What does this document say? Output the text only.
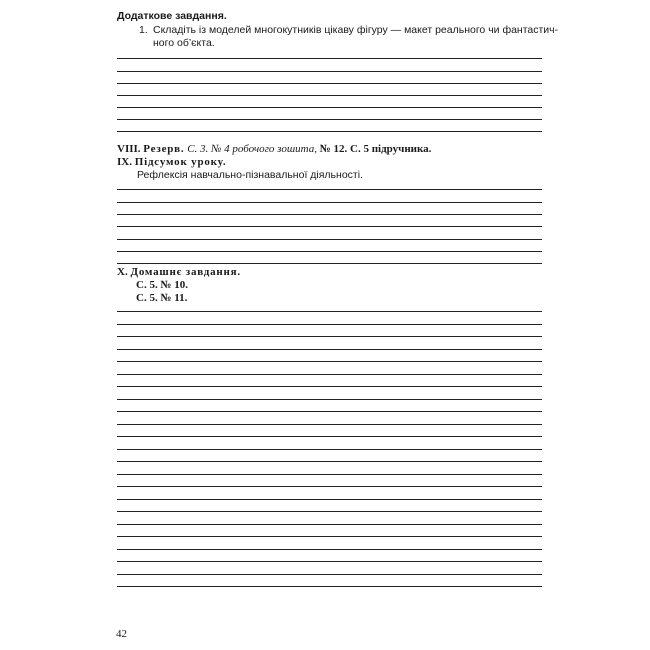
Додаткове завдання.
1. Складіть із моделей многокутників цікаву фігуру — макет реального чи фантастич-
ного об’єкта.
VIII. Резерв. С. 3. № 4 робочого зошита, № 12. С. 5 підручника.
IX. Підсумок уроку.
Рефлексія навчально-пізнавальної діяльності.
X. Домашнє завдання.
С. 5. № 10.
С. 5. № 11.
42
